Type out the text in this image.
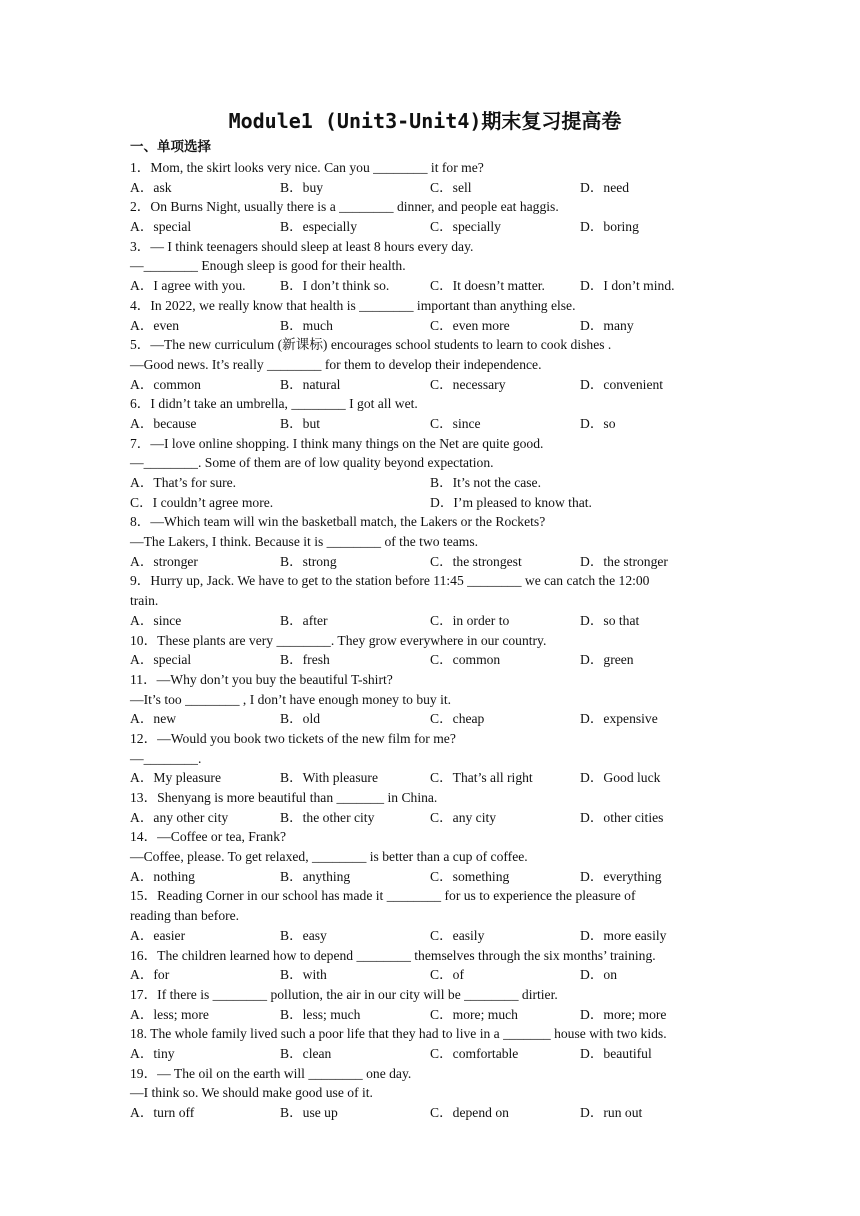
Module1 (Unit3-Unit4)期末复习提高卷
一、单项选择
1．Mom, the skirt looks very nice. Can you ________ it for me?
A．ask	B．buy	C．sell	D．need
2．On Burns Night, usually there is a ________ dinner, and people eat haggis.
A．special	B．especially	C．specially	D．boring
3．— I think teenagers should sleep at least 8 hours every day.
—________ Enough sleep is good for their health.
A．I agree with you.	B．I don’t think so.	C．It doesn’t matter.	D．I don’t mind.
4．In 2022, we really know that health is ________ important than anything else.
A．even	B．much	C．even more	D．many
5．—The new curriculum (新课标) encourages school students to learn to cook dishes .
—Good news. It’s really ________ for them to develop their independence.
A．common	B．natural	C．necessary	D．convenient
6．I didn’t take an umbrella, ________ I got all wet.
A．because	B．but	C．since	D．so
7．—I love online shopping. I think many things on the Net are quite good.
—________. Some of them are of low quality beyond expectation.
A．That’s for sure.	B．It’s not the case.
C．I couldn’t agree more.	D．I’m pleased to know that.
8．—Which team will win the basketball match, the Lakers or the Rockets?
—The Lakers, I think. Because it is ________ of the two teams.
A．stronger	B．strong	C．the strongest	D．the stronger
9．Hurry up, Jack. We have to get to the station before 11:45 ________ we can catch the 12:00
train.
A．since	B．after	C．in order to	D．so that
10．These plants are very ________. They grow everywhere in our country.
A．special	B．fresh	C．common	D．green
11．—Why don’t you buy the beautiful T-shirt?
—It’s too ________ , I don’t have enough money to buy it.
A．new	B．old	C．cheap	D．expensive
12．—Would you book two tickets of the new film for me?
—________.
A．My pleasure	B．With pleasure	C．That’s all right	D．Good luck
13．Shenyang is more beautiful than _______ in China.
A．any other city	B．the other city	C．any city	D．other cities
14．—Coffee or tea, Frank?
—Coffee, please. To get relaxed, ________ is better than a cup of coffee.
A．nothing	B．anything	C．something	D．everything
15．Reading Corner in our school has made it ________ for us to experience the pleasure of
reading than before.
A．easier	B．easy	C．easily	D．more easily
16．The children learned how to depend ________ themselves through the six months’ training.
A．for	B．with	C．of	D．on
17．If there is ________ pollution, the air in our city will be ________ dirtier.
A．less; more	B．less; much	C．more; much	D．more; more
18. The whole family lived such a poor life that they had to live in a _______ house with two kids.
A．tiny	B．clean	C．comfortable	D．beautiful
19．— The oil on the earth will ________ one day.
—I think so. We should make good use of it.
A．turn off	B．use up	C．depend on	D．run out
